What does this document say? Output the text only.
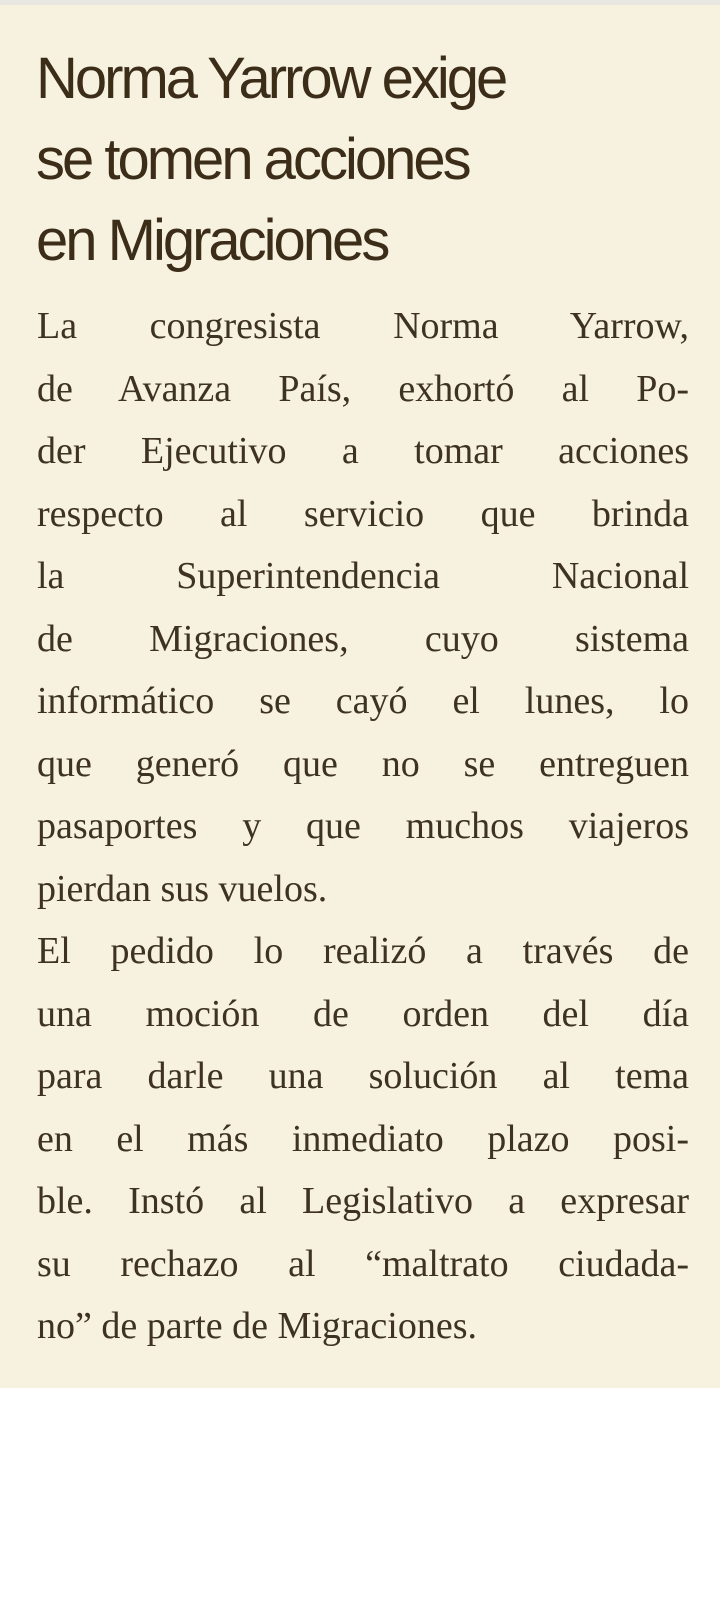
Norma Yarrow exige
se tomen acciones
en Migraciones
La congresista Norma Yarrow,
de Avanza País, exhortó al Po-
der Ejecutivo a tomar acciones
respecto al servicio que brinda
la Superintendencia Nacional
de Migraciones, cuyo sistema
informático se cayó el lunes, lo
que generó que no se entreguen
pasaportes y que muchos viajeros
pierdan sus vuelos.
El pedido lo realizó a través de
una moción de orden del día
para darle una solución al tema
en el más inmediato plazo posi-
ble. Instó al Legislativo a expresar
su rechazo al “maltrato ciudada-
no” de parte de Migraciones.
